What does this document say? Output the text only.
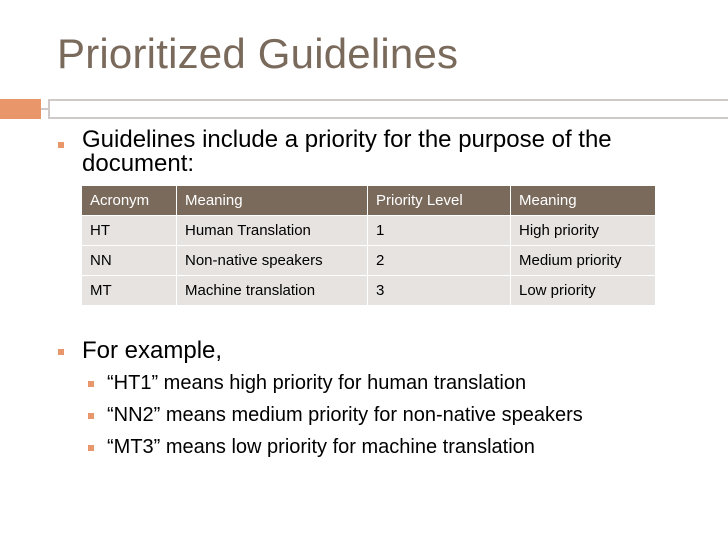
Prioritized Guidelines
Guidelines include a priority for the purpose of the document:
Acronym	Meaning	Priority Level	Meaning
HT	Human Translation	1	High priority
NN	Non-native speakers	2	Medium priority
MT	Machine translation	3	Low priority
For example,
“HT1” means high priority for human translation
“NN2” means medium priority for non-native speakers
“MT3” means low priority for machine translation
